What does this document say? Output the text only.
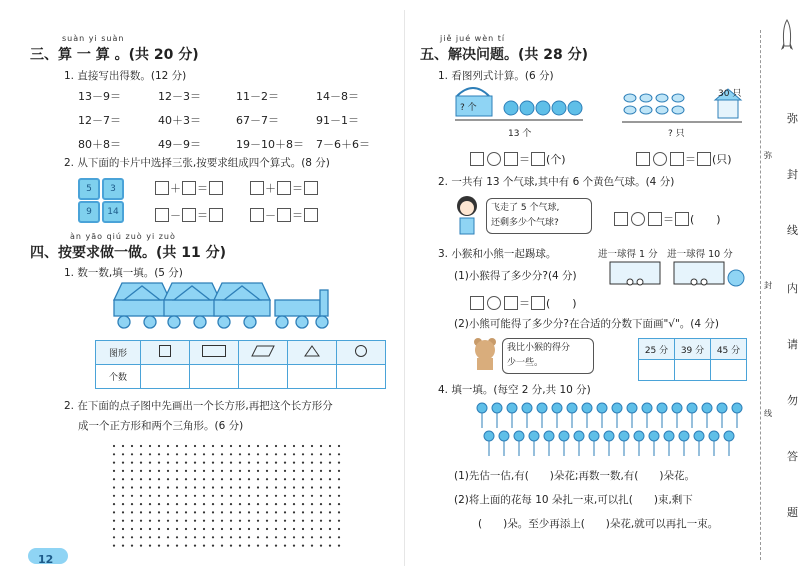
suàn yi suàn
三、算 一 算 。(共 20 分)
1. 直接写出得数。(12 分)
13－9＝	12－3＝	11－2＝	14－8＝
12－7＝	40＋3＝	67－7＝	91－1＝
80＋8＝	49－9＝	19－10＋8＝	7－6＋6＝
2. 从下面的卡片中选择三张,按要求组成四个算式。(8 分)
5	3
9	14
＋ ＝	＋ ＝
－ ＝	－ ＝
àn yāo qiú zuò yi zuò
四、按要求做一做。(共 11 分)
1. 数一数,填一填。(5 分)
图形					
个数					
2. 在下面的点子图中先画出一个长方形,再把这个长方形分
成一个正方形和两个三角形。(6 分)
12
jiě jué wèn tí
五、解决问题。(共 28 分)
1. 看图列式计算。(6 分)
? 个
13 个
30 只
? 只
＝ (个)	＝ (只)
2. 一共有 13 个气球,其中有 6 个黄色气球。(4 分)
飞走了 5 个气球,
还剩多少个气球?	＝ (　　)
3. 小猴和小熊一起踢球。	进一球得 1 分　进一球得 10 分
(1)小猴得了多少分?(4 分)
＝ (　　)
(2)小熊可能得了多少分?在合适的分数下面画"√"。(4 分)
我比小猴的得分
少一些。
25 分	39 分	45 分

4. 填一填。(每空 2 分,共 10 分)
(1)先估一估,有(　　)朵花;再数一数,有(　　)朵花。
(2)将上面的花每 10 朵扎一束,可以扎(　　)束,剩下
(　　)朵。至少再添上(　　)朵花,就可以再扎一束。
弥
封
线
内
请
勿
答
题
弥
封
线
